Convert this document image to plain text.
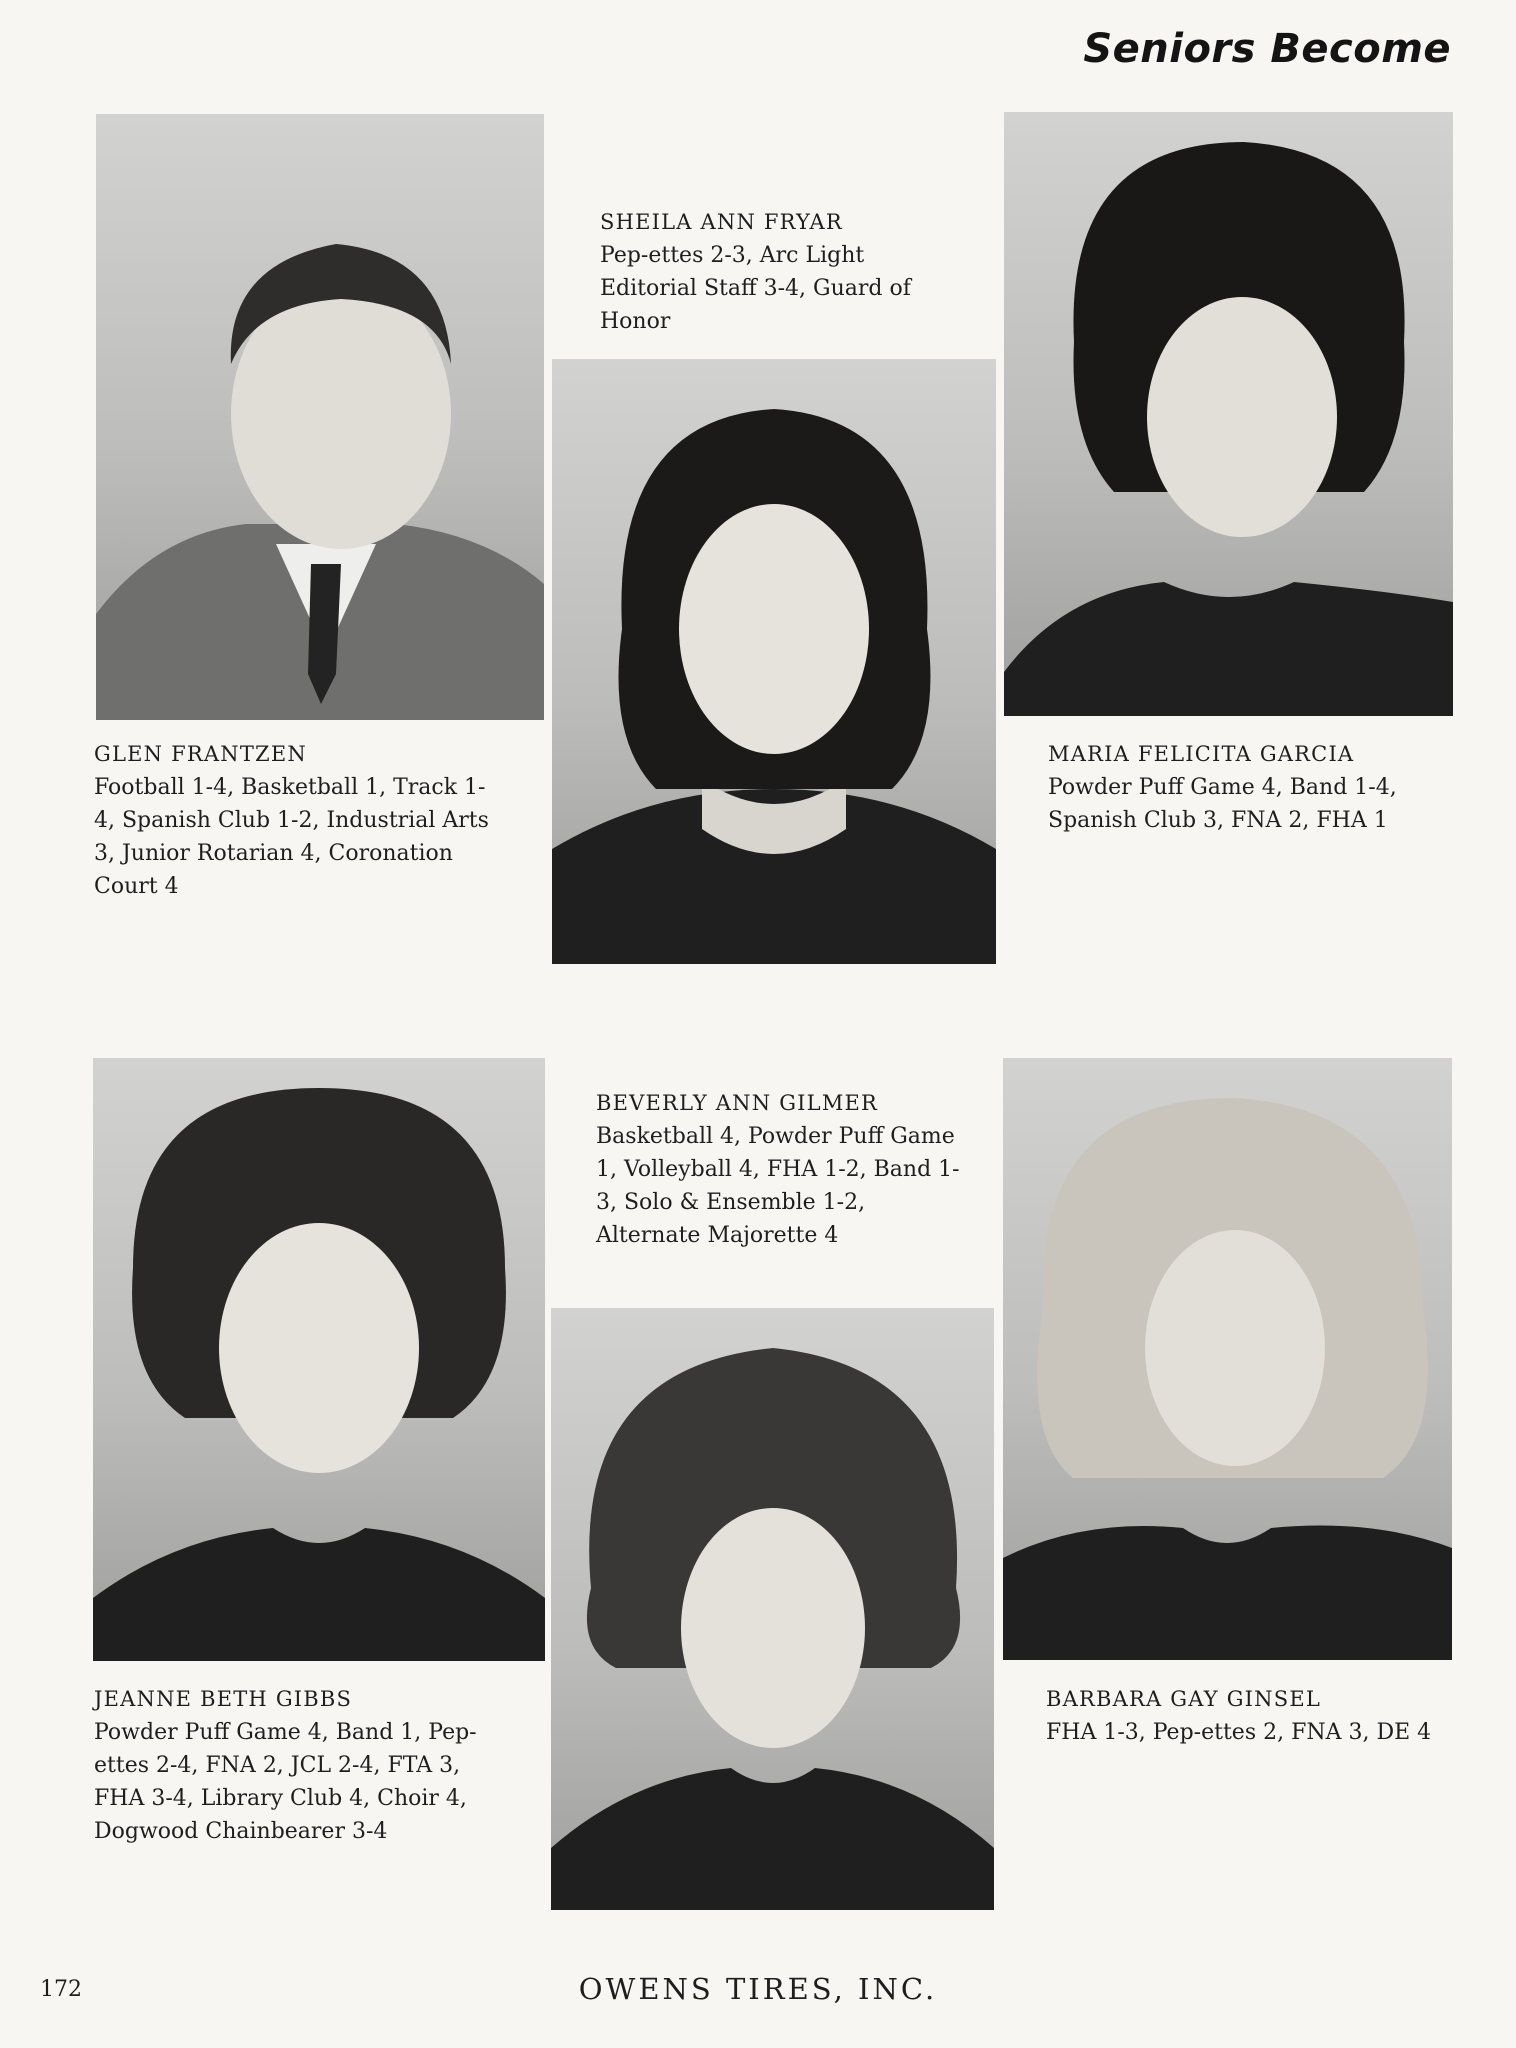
Seniors Become
GLEN FRANTZEN
Football 1-4, Basketball 1, Track 1-4, Spanish Club 1-2, Industrial Arts 3, Junior Rotarian 4, Coronation Court 4
SHEILA ANN FRYAR
Pep-ettes 2-3, Arc Light Editorial Staff 3-4, Guard of Honor
MARIA FELICITA GARCIA
Powder Puff Game 4, Band 1-4, Spanish Club 3, FNA 2, FHA 1
JEANNE BETH GIBBS
Powder Puff Game 4, Band 1, Pep-ettes 2-4, FNA 2, JCL 2-4, FTA 3, FHA 3-4, Library Club 4, Choir 4, Dogwood Chainbearer 3-4
BEVERLY ANN GILMER
Basketball 4, Powder Puff Game 1, Volleyball 4, FHA 1-2, Band 1-3, Solo & Ensemble 1-2, Alternate Majorette 4
BARBARA GAY GINSEL
FHA 1-3, Pep-ettes 2, FNA 3, DE 4
172	OWENS TIRES, INC.
